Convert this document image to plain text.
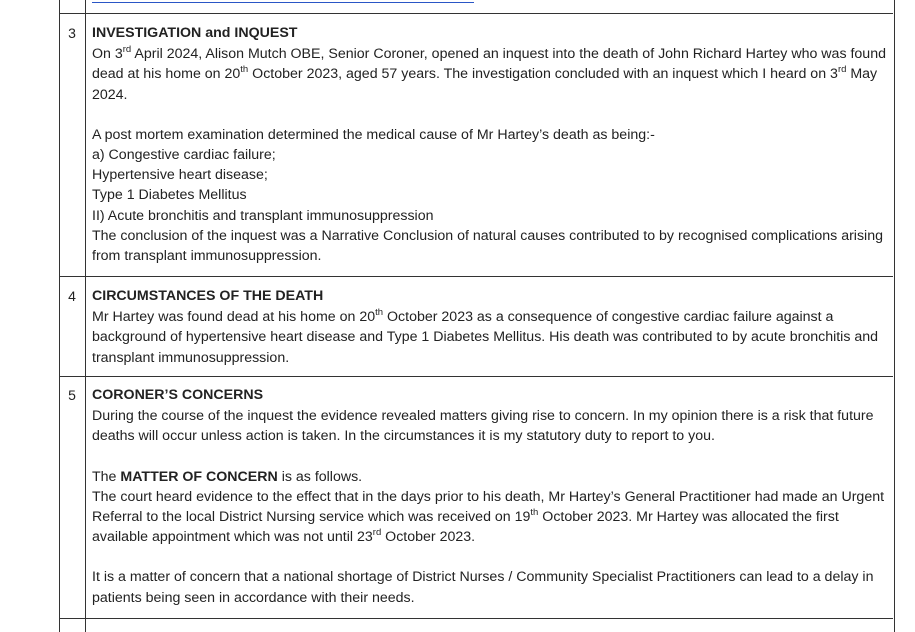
3	INVESTIGATION and INQUEST

On 3rd April 2024, Alison Mutch OBE, Senior Coroner, opened an inquest into the death of John Richard Hartey who was found dead at his home on 20th October 2023, aged 57 years. The investigation concluded with an inquest which I heard on 3rd May 2024.

A post mortem examination determined the medical cause of Mr Hartey’s death as being:-

a) Congestive cardiac failure;

Hypertensive heart disease;

Type 1 Diabetes Mellitus

II) Acute bronchitis and transplant immunosuppression

The conclusion of the inquest was a Narrative Conclusion of natural causes contributed to by recognised complications arising from transplant immunosuppression.

4	CIRCUMSTANCES OF THE DEATH

Mr Hartey was found dead at his home on 20th October 2023 as a consequence of congestive cardiac failure against a background of hypertensive heart disease and Type 1 Diabetes Mellitus. His death was contributed to by acute bronchitis and transplant immunosuppression.

5	CORONER’S CONCERNS

During the course of the inquest the evidence revealed matters giving rise to concern. In my opinion there is a risk that future deaths will occur unless action is taken. In the circumstances it is my statutory duty to report to you.

The MATTER OF CONCERN is as follows.

The court heard evidence to the effect that in the days prior to his death, Mr Hartey’s General Practitioner had made an Urgent Referral to the local District Nursing service which was received on 19th October 2023. Mr Hartey was allocated the first available appointment which was not until 23rd October 2023.

It is a matter of concern that a national shortage of District Nurses / Community Specialist Practitioners can lead to a delay in patients being seen in accordance with their needs.
